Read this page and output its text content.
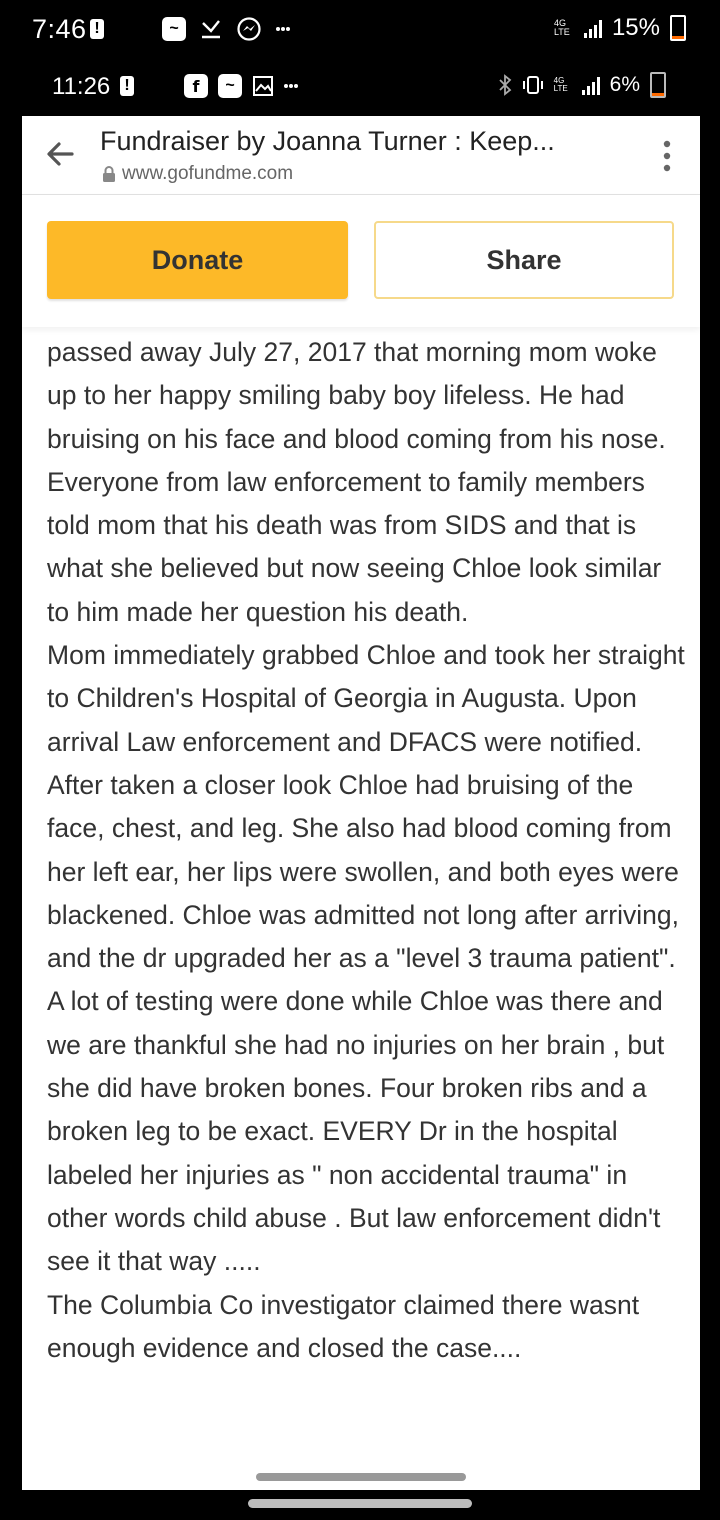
7:46 !	~	4G LTE 15%
11:26 !	f	~	4G LTE 6%
Fundraiser by Joanna Turner : Keep...
www.gofundme.com
Donate	Share

passed away July 27, 2017 that morning mom woke up to her happy smiling baby boy lifeless. He had bruising on his face and blood coming from his nose. Everyone from law enforcement to family members told mom that his death was from SIDS and that is what she believed but now seeing Chloe look similar to him made her question his death.

Mom immediately grabbed Chloe and took her straight to Children's Hospital of Georgia in Augusta. Upon arrival Law enforcement and DFACS were notified. After taken a closer look Chloe had bruising of the face, chest, and leg. She also had blood coming from her left ear, her lips were swollen, and both eyes were blackened. Chloe was admitted not long after arriving, and the dr upgraded her as a "level 3 trauma patient". A lot of testing were done while Chloe was there and we are thankful she had no injuries on her brain , but she did have broken bones. Four broken ribs and a broken leg to be exact. EVERY Dr in the hospital labeled her injuries as " non accidental trauma" in other words child abuse . But law enforcement didn't see it that way .....

The Columbia Co investigator claimed there wasnt enough evidence and closed the case....
